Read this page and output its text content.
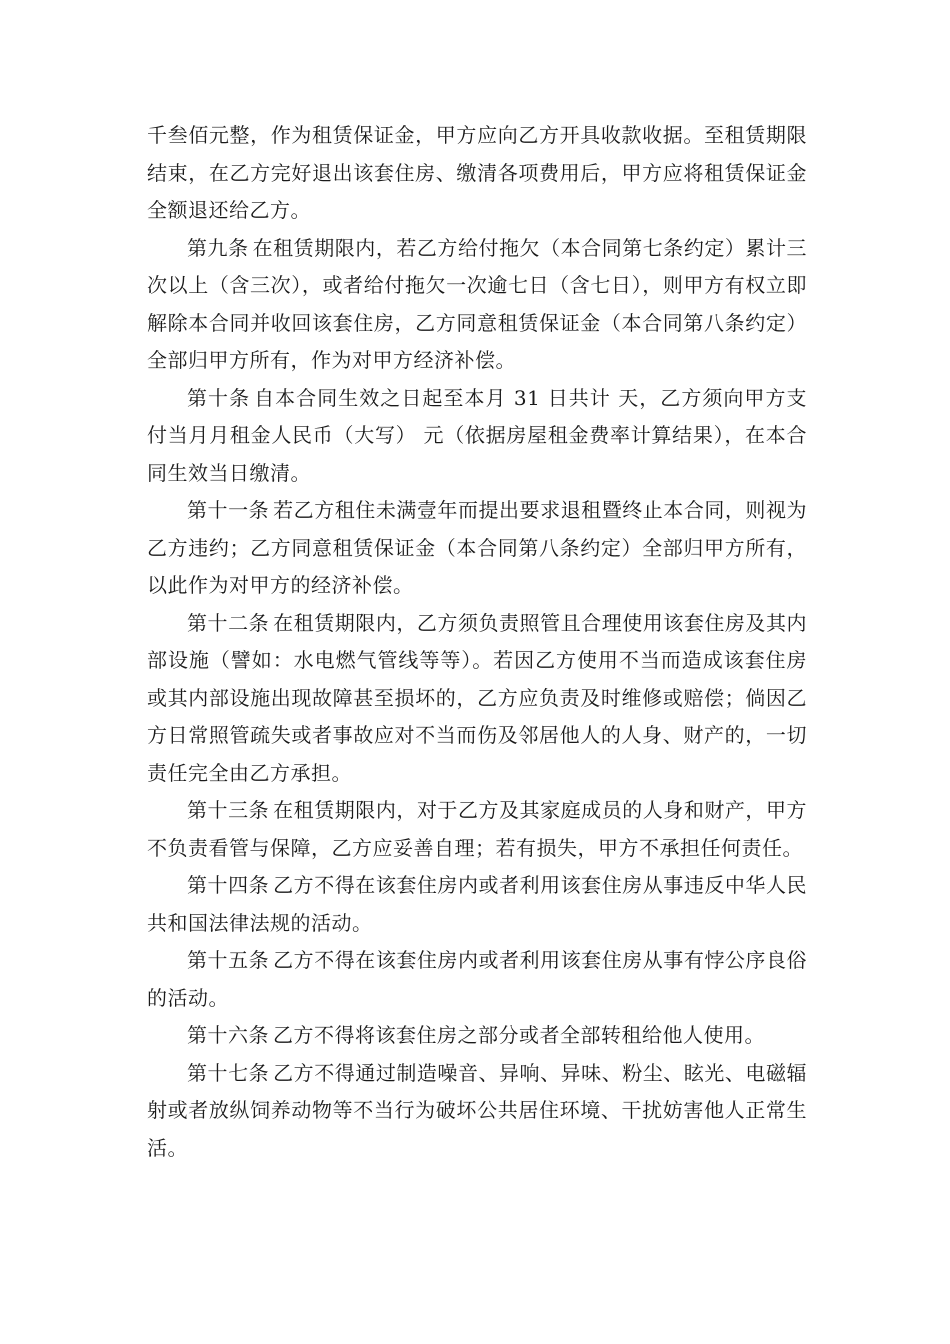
千叁佰元整，作为租赁保证金，甲方应向乙方开具收款收据。至租赁期限结束，在乙方完好退出该套住房、缴清各项费用后，甲方应将租赁保证金全额退还给乙方。

第九条 在租赁期限内，若乙方给付拖欠（本合同第七条约定）累计三次以上（含三次），或者给付拖欠一次逾七日（含七日），则甲方有权立即解除本合同并收回该套住房，乙方同意租赁保证金（本合同第八条约定）全部归甲方所有，作为对甲方经济补偿。

第十条 自本合同生效之日起至本月 31 日共计 天，乙方须向甲方支付当月月租金人民币（大写） 元（依据房屋租金费率计算结果），在本合同生效当日缴清。

第十一条 若乙方租住未满壹年而提出要求退租暨终止本合同，则视为乙方违约；乙方同意租赁保证金（本合同第八条约定）全部归甲方所有，以此作为对甲方的经济补偿。

第十二条 在租赁期限内，乙方须负责照管且合理使用该套住房及其内部设施（譬如：水电燃气管线等等）。若因乙方使用不当而造成该套住房或其内部设施出现故障甚至损坏的，乙方应负责及时维修或赔偿；倘因乙方日常照管疏失或者事故应对不当而伤及邻居他人的人身、财产的，一切责任完全由乙方承担。

第十三条 在租赁期限内，对于乙方及其家庭成员的人身和财产，甲方不负责看管与保障，乙方应妥善自理；若有损失，甲方不承担任何责任。

第十四条 乙方不得在该套住房内或者利用该套住房从事违反中华人民共和国法律法规的活动。

第十五条 乙方不得在该套住房内或者利用该套住房从事有悖公序良俗的活动。

第十六条 乙方不得将该套住房之部分或者全部转租给他人使用。

第十七条 乙方不得通过制造噪音、异响、异味、粉尘、眩光、电磁辐射或者放纵饲养动物等不当行为破坏公共居住环境、干扰妨害他人正常生活。
